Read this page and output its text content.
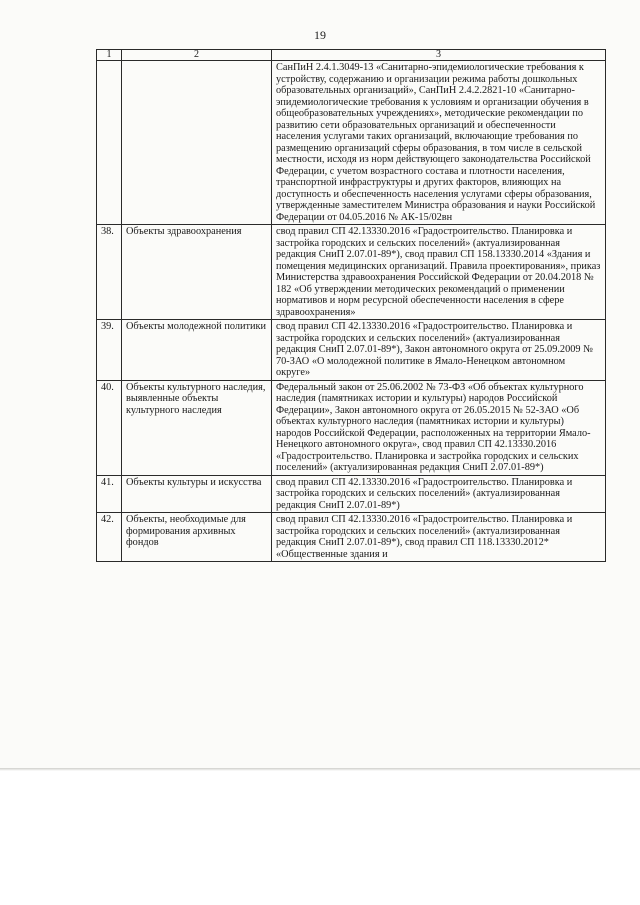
19
1	2	3
		СанПиН 2.4.1.3049-13 «Санитарно-эпидемиологические требования к устройству, содержанию и организации режима работы дошкольных образовательных организаций», СанПиН 2.4.2.2821-10 «Санитарно-эпидемиологические требования к условиям и организации обучения в общеобразовательных учреждениях», методические рекомендации по развитию сети образовательных организаций и обеспеченности населения услугами таких организаций, включающие требования по размещению организаций сферы образования, в том числе в сельской местности, исходя из норм действующего законодательства Российской Федерации, с учетом возрастного состава и плотности населения, транспортной инфраструктуры и других факторов, влияющих на доступность и обеспеченность населения услугами сферы образования, утвержденные заместителем Министра образования и науки Российской Федерации от 04.05.2016 № АК-15/02вн
38.	Объекты здравоохранения	свод правил СП 42.13330.2016 «Градостроительство. Планировка и застройка городских и сельских поселений» (актуализированная редакция СниП 2.07.01-89*), свод правил СП 158.13330.2014 «Здания и помещения медицинских организаций. Правила проектирования», приказ Министерства здравоохранения Российской Федерации от 20.04.2018 № 182 «Об утверждении методических рекомендаций о применении нормативов и норм ресурсной обеспеченности населения в сфере здравоохранения»
39.	Объекты молодежной политики	свод правил СП 42.13330.2016 «Градостроительство. Планировка и застройка городских и сельских поселений» (актуализированная редакция СниП 2.07.01-89*), Закон автономного округа от 25.09.2009 № 70-ЗАО «О молодежной политике в Ямало-Ненецком автономном округе»
40.	Объекты культурного наследия, выявленные объекты культурного наследия	Федеральный закон от 25.06.2002 № 73-ФЗ «Об объектах культурного наследия (памятниках истории и культуры) народов Российской Федерации», Закон автономного округа от 26.05.2015 № 52-ЗАО «Об объектах культурного наследия (памятниках истории и культуры) народов Российской Федерации, расположенных на территории Ямало-Ненецкого автономного округа», свод правил СП 42.13330.2016 «Градостроительство. Планировка и застройка городских и сельских поселений» (актуализированная редакция СниП 2.07.01-89*)
41.	Объекты культуры и искусства	свод правил СП 42.13330.2016 «Градостроительство. Планировка и застройка городских и сельских поселений» (актуализированная редакция СниП 2.07.01-89*)
42.	Объекты, необходимые для формирования архивных фондов	свод правил СП 42.13330.2016 «Градостроительство. Планировка и застройка городских и сельских поселений» (актуализированная редакция СниП 2.07.01-89*), свод правил СП 118.13330.2012* «Общественные здания и
